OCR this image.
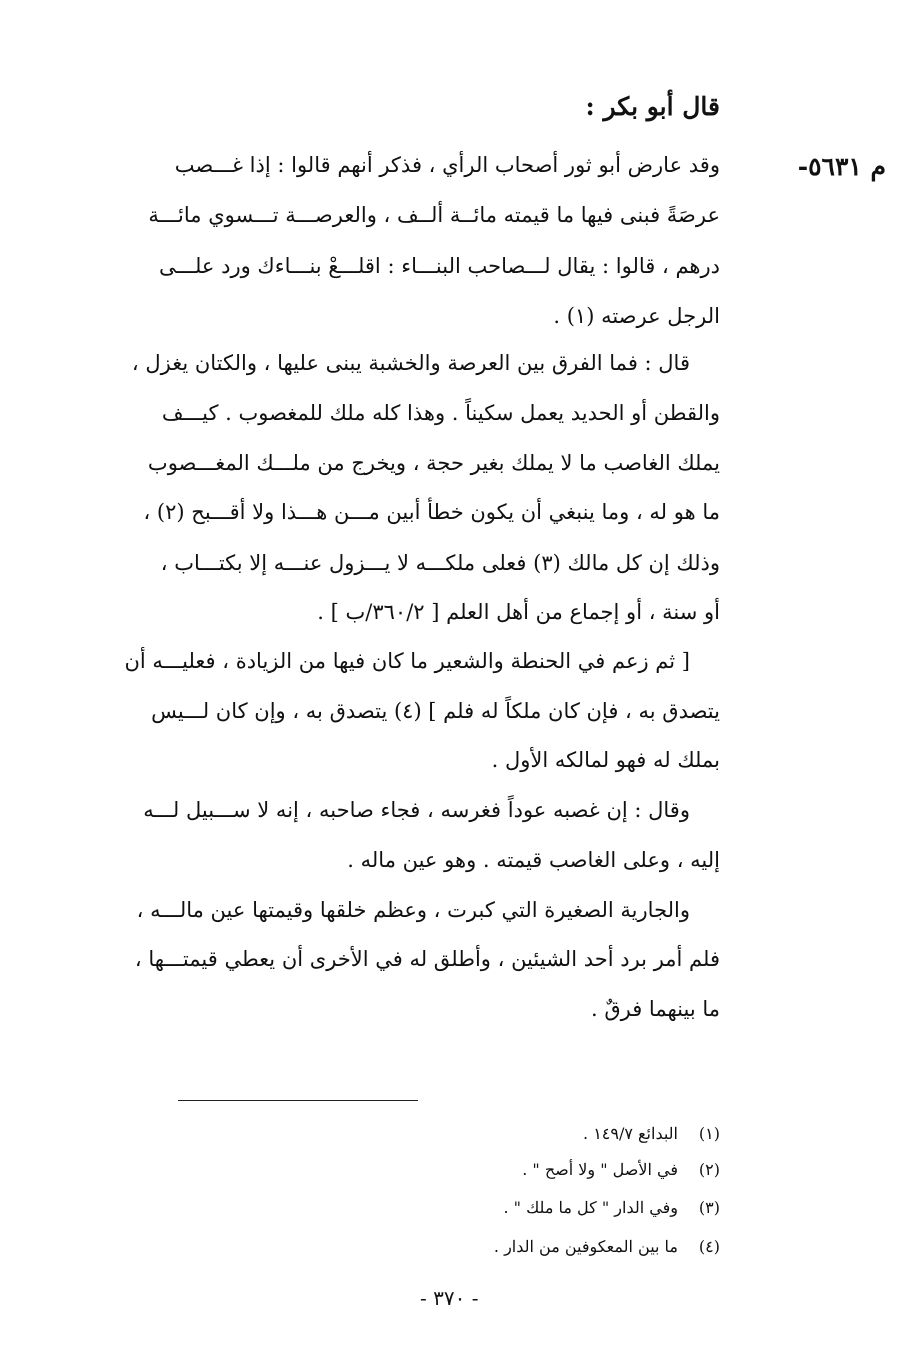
قال أبو بكر :
م ٥٦٣١-
وقد عارض أبو ثور أصحاب الرأي ، فذكر أنهم قالوا : إذا غـــصب
عرصَةً فبنى فيها ما قيمته مائــة ألــف ، والعرصـــة تـــسوي مائـــة
درهم ، قالوا : يقال لـــصاحب البنـــاء : اقلـــعْ بنـــاءك ورد علـــى
الرجل عرصته (١) .
قال : فما الفرق بين العرصة والخشبة يبنى عليها ، والكتان يغزل ،
والقطن أو الحديد يعمل سكيناً . وهذا كله ملك للمغصوب . كيـــف
يملك الغاصب ما لا يملك بغير حجة ، ويخرج من ملـــك المغـــصوب
ما هو له ، وما ينبغي أن يكون خطأ أبين مـــن هـــذا ولا أقـــبح (٢) ،
وذلك إن كل مالك (٣) فعلى ملكـــه لا يـــزول عنـــه إلا بكتـــاب ،
أو سنة ، أو إجماع من أهل العلم [ ٣٦٠/٢/ب ] .
[ ثم زعم في الحنطة والشعير ما كان فيها من الزيادة ، فعليـــه أن
يتصدق به ، فإن كان ملكاً له فلم ] (٤) يتصدق به ، وإن كان لـــيس
بملك له فهو لمالكه الأول .
وقال : إن غصبه عوداً فغرسه ، فجاء صاحبه ، إنه لا ســـبيل لـــه
إليه ، وعلى الغاصب قيمته . وهو عين ماله .
والجارية الصغيرة التي كبرت ، وعظم خلقها وقيمتها عين مالـــه ،
فلم أمر برد أحد الشيئين ، وأطلق له في الأخرى أن يعطي قيمتـــها ،
ما بينهما فرقٌ .
(١)البدائع ١٤٩/٧ .
(٢)في الأصل " ولا أصح " .
(٣)وفي الدار " كل ما ملك " .
(٤)ما بين المعكوفين من الدار .
- ٣٧٠ -
